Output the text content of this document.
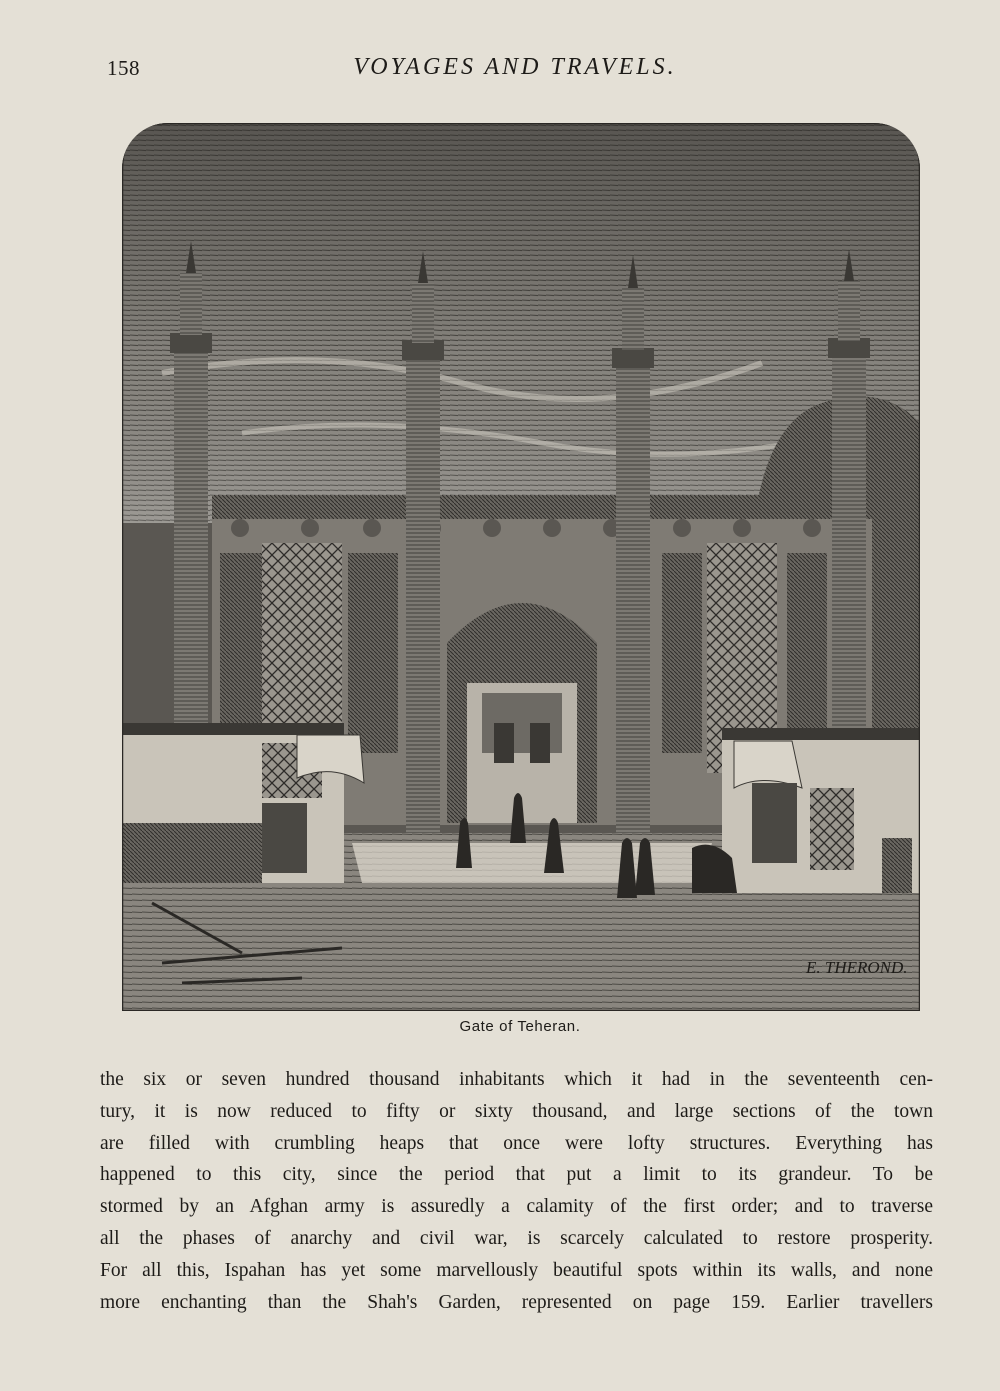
158	VOYAGES AND TRAVELS.
E. THEROND.
Gate of Teheran.
the six or seven hundred thousand inhabitants which it had in the seventeenth cen-
tury, it is now reduced to fifty or sixty thousand, and large sections of the town
are filled with crumbling heaps that once were lofty structures. Everything has
happened to this city, since the period that put a limit to its grandeur. To be
stormed by an Afghan army is assuredly a calamity of the first order; and to traverse
all the phases of anarchy and civil war, is scarcely calculated to restore prosperity.
For all this, Ispahan has yet some marvellously beautiful spots within its walls, and none
more enchanting than the Shah's Garden, represented on page 159. Earlier travellers
